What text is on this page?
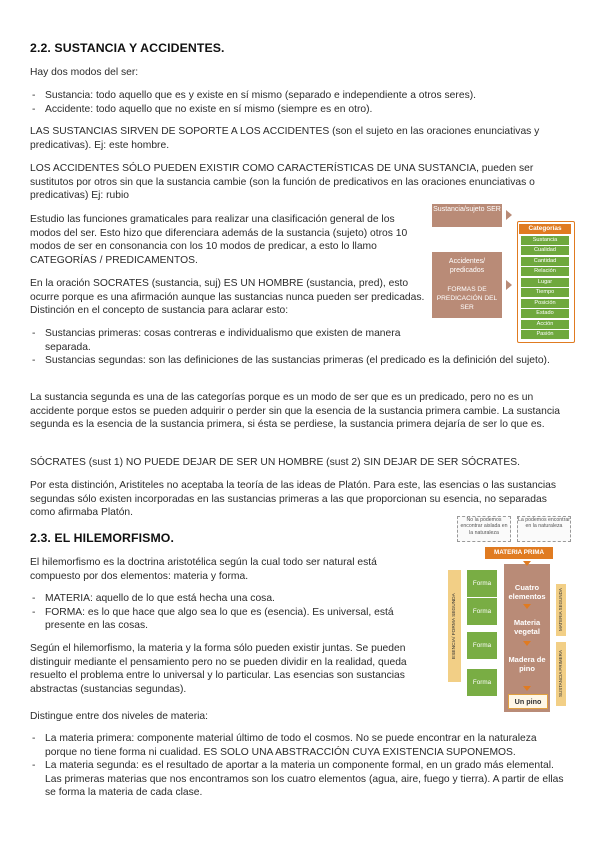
2.2. SUSTANCIA Y ACCIDENTES.

Hay dos modos del ser:

- Sustancia: todo aquello que es y existe en sí mismo (separado e independiente a otros seres).
- Accidente: todo aquello que no existe en sí mismo (siempre es en otro).

LAS SUSTANCIAS SIRVEN DE SOPORTE A LOS ACCIDENTES (son el sujeto en las oraciones enunciativas y predicativas). Ej: este hombre.

LOS ACCIDENTES SÓLO PUEDEN EXISTIR COMO CARACTERÍSTICAS DE UNA SUSTANCIA, pueden ser sustitutos por otros sin que la sustancia cambie (son la función de predicativos en las oraciones enunciativas o predicativas) Ej: rubio

Estudio las funciones gramaticales para realizar una clasificación general de los modos del ser. Esto hizo que diferenciara además de la sustancia (sujeto) otros 10 modos de ser en consonancia con los 10 modos de predicar, a esto lo llamo CATEGORÍAS / PREDICAMENTOS.

En la oración SOCRATES (sustancia, suj) ES UN HOMBRE (sustancia, pred), esto ocurre porque es una afirmación aunque las sustancias nunca pueden ser predicadas. Distinción en el concepto de sustancia para aclarar esto:

- Sustancias primeras: cosas contreras e individualismo que existen de manera separada.
- Sustancias segundas: son las definiciones de las sustancias primeras (el predicado es la definición del sujeto).

La sustancia segunda es una de las categorías porque es un modo de ser que es un predicado, pero no es un accidente porque estos se pueden adquirir o perder sin que la esencia de la sustancia primera cambie. La sustancia segunda es la esencia de la sustancia primera, si ésta se perdiese, la sustancia primera dejaría de ser lo que es.

SÓCRATES (sust 1) NO PUEDE DEJAR DE SER UN HOMBRE (sust 2) SIN DEJAR DE SER SÓCRATES.

Por esta distinción, Aristiteles no aceptaba la teoría de las ideas de Platón. Para este, las esencias o las sustancias segundas sólo existen incorporadas en las sustancias primeras a las que proporcionan su esencia, no separadas como afirmaba Platón.

Sustancia/sujeto SER
Accidentes/ predicados
FORMAS DE PREDICACIÓN DEL SER
Categorías
Sustancia
Cualidad
Cantidad
Relación
Lugar
Tiempo
Posición
Estado
Acción
Pasión
2.3. EL HILEMORFISMO.

El hilemorfismo es la doctrina aristotélica según la cual todo ser natural está compuesto por dos elementos: materia y forma.

- MATERIA: aquello de lo que está hecha una cosa.
- FORMA: es lo que hace que algo sea lo que es (esencia). Es universal, está presente en las cosas.

Según el hilemorfismo, la materia y la forma sólo pueden existir juntas. Se pueden distinguir mediante el pensamiento pero no se pueden dividir en la realidad, queda resuelto el problema entre lo universal y lo particular. Las esencias son sustancias abstractas (sustancias segundas).

Distingue entre dos niveles de materia:

- La materia primera: componente material último de todo el cosmos. No se puede encontrar en la naturaleza porque no tiene forma ni cualidad. ES SOLO UNA ABSTRACCIÓN CUYA EXISTENCIA SUPONEMOS.
- La materia segunda: es el resultado de aportar a la materia un componente formal, en un grado más elemental. Las primeras materias que nos encontramos son los cuatro elementos (agua, aire, fuego y tierra). A partir de ellas se forma la materia de cada clase.
No la podemos encontrar aislada en la naturaleza
La podemos encontrar en la naturaleza
MATERIA PRIMA
ESENCIA/ FORMA SEGUNDA
Forma
Forma
Forma
Forma
Cuatro elementos
Materia vegetal
Madera de pino
Un pino
MATERIA SEGUNDA
SUSTANCIA PRIMERA
